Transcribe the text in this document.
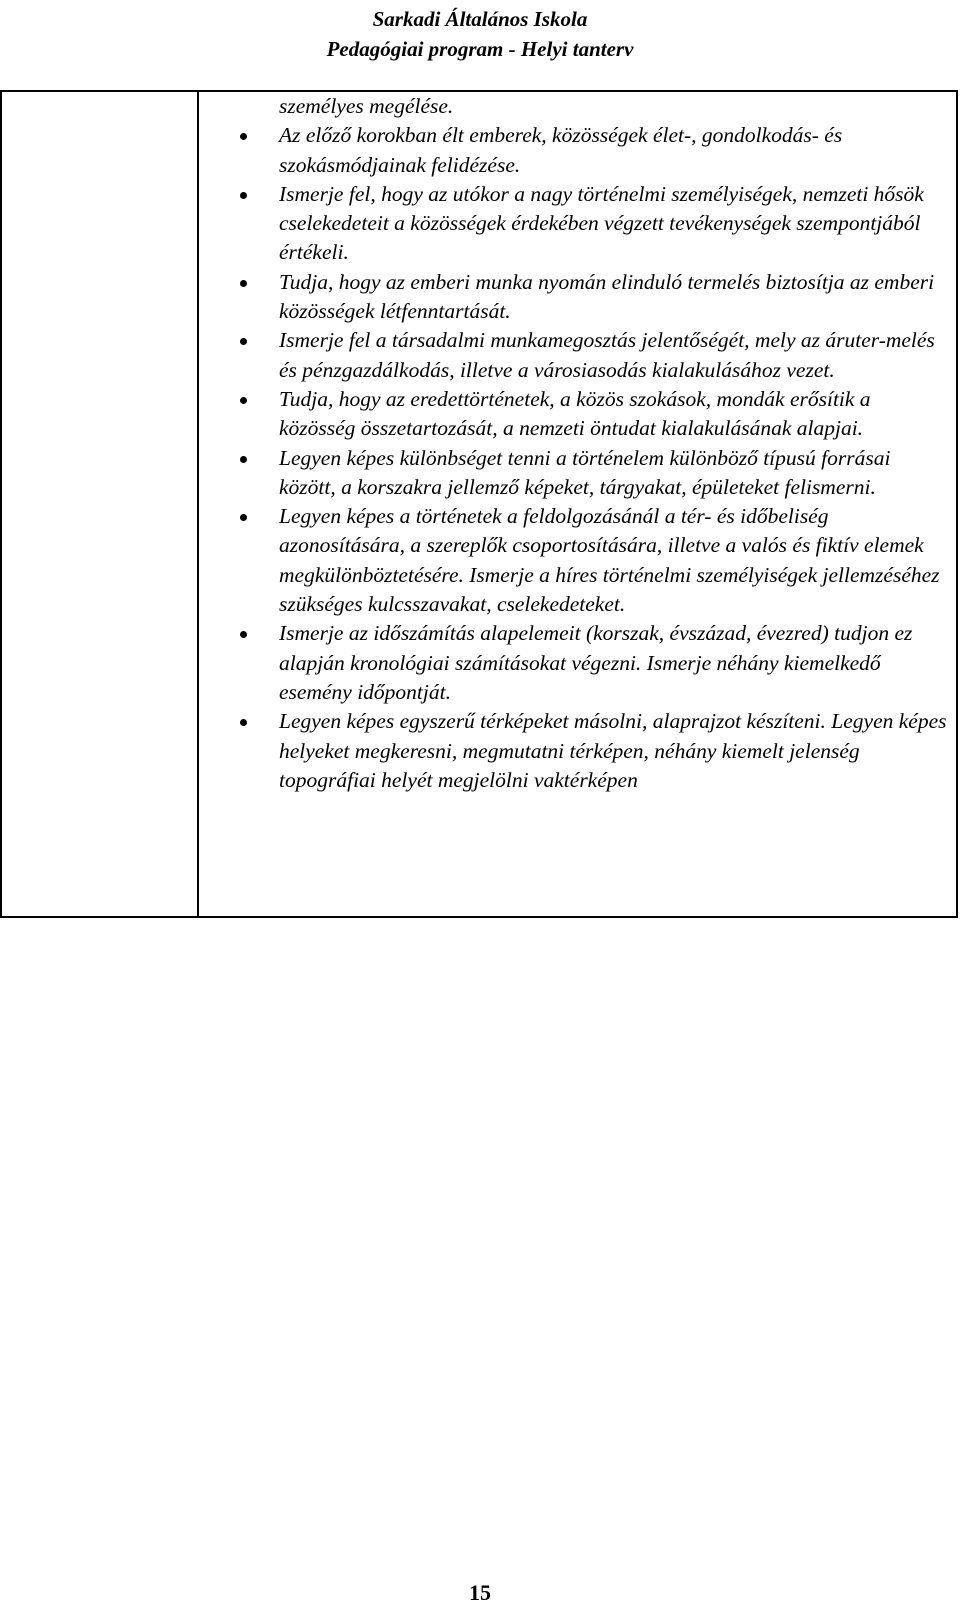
Sarkadi Általános Iskola
Pedagógiai program - Helyi tanterv

személyes megélése.

Az előző korokban élt emberek, közösségek élet-, gondolkodás- és szokásmódjainak felidézése.
Ismerje fel, hogy az utókor a nagy történelmi személyiségek, nemzeti hősök cselekedeteit a közösségek érdekében végzett tevékenységek szempontjából értékeli.
Tudja, hogy az emberi munka nyomán elinduló termelés biztosítja az emberi közösségek létfenntartását.
Ismerje fel a társadalmi munkamegosztás jelentőségét, mely az áruter-melés és pénzgazdálkodás, illetve a városiasodás kialakulásához vezet.
Tudja, hogy az eredettörténetek, a közös szokások, mondák erősítik a közösség összetartozását, a nemzeti öntudat kialakulásának alapjai.
Legyen képes különbséget tenni a történelem különböző típusú forrásai között, a korszakra jellemző képeket, tárgyakat, épületeket felismerni.
Legyen képes a történetek a feldolgozásánál a tér- és időbeliség azonosítására, a szereplők csoportosítására, illetve a valós és fiktív elemek megkülönböztetésére. Ismerje a híres történelmi személyiségek jellemzéséhez szükséges kulcsszavakat, cselekedeteket.
Ismerje az időszámítás alapelemeit (korszak, évszázad, évezred) tudjon ez alapján kronológiai számításokat végezni. Ismerje néhány kiemelkedő esemény időpontját.
Legyen képes egyszerű térképeket másolni, alaprajzot készíteni. Legyen képes helyeket megkeresni, megmutatni térképen, néhány kiemelt jelenség topográfiai helyét megjelölni vaktérképen
15
